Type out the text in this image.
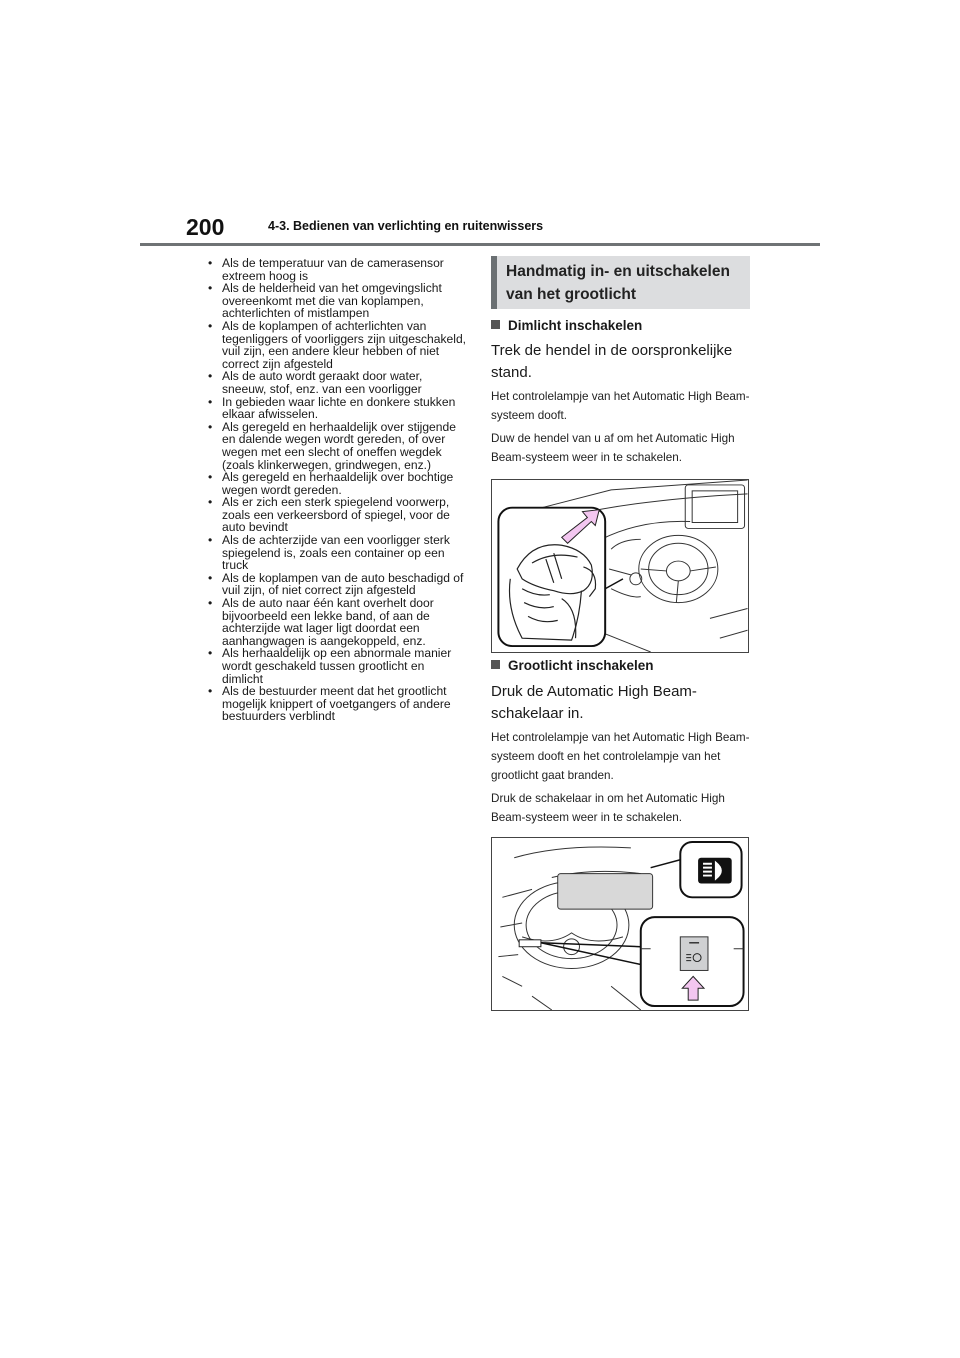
200	4-3. Bedienen van verlichting en ruitenwissers
• Als de temperatuur van de camerasensor extreem hoog is
• Als de helderheid van het omgevingslicht overeenkomt met die van koplampen, achterlichten of mistlampen
• Als de koplampen of achterlichten van tegenliggers of voorliggers zijn uitgeschakeld, vuil zijn, een andere kleur hebben of niet correct zijn afgesteld
• Als de auto wordt geraakt door water, sneeuw, stof, enz. van een voorligger
• In gebieden waar lichte en donkere stukken elkaar afwisselen.
• Als geregeld en herhaaldelijk over stijgende en dalende wegen wordt gereden, of over wegen met een slecht of oneffen wegdek (zoals klinkerwegen, grindwegen, enz.)
• Als geregeld en herhaaldelijk over bochtige wegen wordt gereden.
• Als er zich een sterk spiegelend voorwerp, zoals een verkeersbord of spiegel, voor de auto bevindt
• Als de achterzijde van een voorligger sterk spiegelend is, zoals een container op een truck
• Als de koplampen van de auto beschadigd of vuil zijn, of niet correct zijn afgesteld
• Als de auto naar één kant overhelt door bijvoorbeeld een lekke band, of aan de achterzijde wat lager ligt doordat een aanhangwagen is aangekoppeld, enz.
• Als herhaaldelijk op een abnormale manier wordt geschakeld tussen grootlicht en dimlicht
• Als de bestuurder meent dat het grootlicht mogelijk knippert of voetgangers of andere bestuurders verblindt
Handmatig in- en uitschakelen van het grootlicht
Dimlicht inschakelen
Trek de hendel in de oorspronkelijke stand.
Het controlelampje van het Automatic High Beam-systeem dooft.
Duw de hendel van u af om het Automatic High Beam-systeem weer in te schakelen.
Grootlicht inschakelen
Druk de Automatic High Beam-schakelaar in.
Het controlelampje van het Automatic High Beam-systeem dooft en het controlelampje van het grootlicht gaat branden.
Druk de schakelaar in om het Automatic High Beam-systeem weer in te schakelen.
